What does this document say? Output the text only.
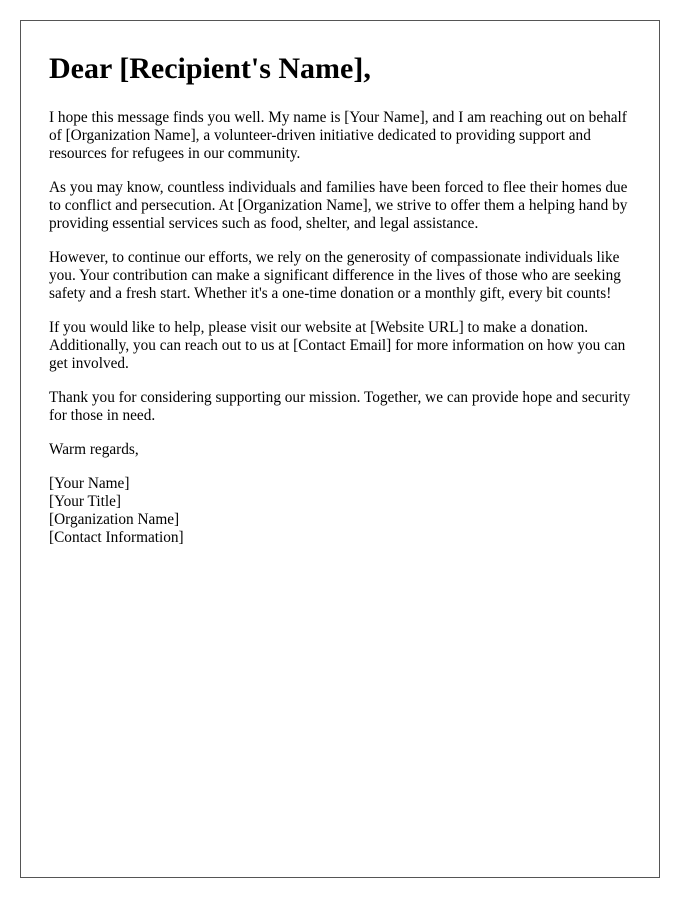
Dear [Recipient's Name],

I hope this message finds you well. My name is [Your Name], and I am reaching out on behalf of [Organization Name], a volunteer-driven initiative dedicated to providing support and resources for refugees in our community.

As you may know, countless individuals and families have been forced to flee their homes due to conflict and persecution. At [Organization Name], we strive to offer them a helping hand by providing essential services such as food, shelter, and legal assistance.

However, to continue our efforts, we rely on the generosity of compassionate individuals like you. Your contribution can make a significant difference in the lives of those who are seeking safety and a fresh start. Whether it's a one-time donation or a monthly gift, every bit counts!

If you would like to help, please visit our website at [Website URL] to make a donation. Additionally, you can reach out to us at [Contact Email] for more information on how you can get involved.

Thank you for considering supporting our mission. Together, we can provide hope and security for those in need.

Warm regards,

[Your Name]
[Your Title]
[Organization Name]
[Contact Information]
